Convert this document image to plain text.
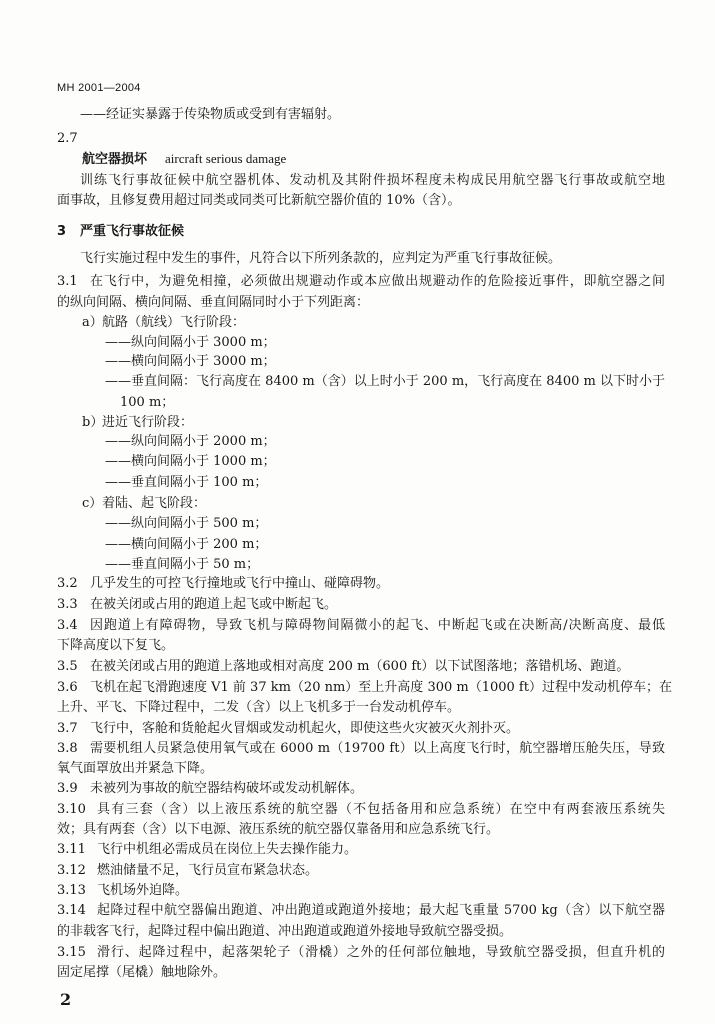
MH 2001—2004
——经证实暴露于传染物质或受到有害辐射。
2.7
航空器损坏 aircraft serious damage
训练飞行事故征候中航空器机体、发动机及其附件损坏程度未构成民用航空器飞行事故或航空地
面事故，且修复费用超过同类或同类可比新航空器价值的 10%（含）。
3	严重飞行事故征候
飞行实施过程中发生的事件，凡符合以下所列条款的，应判定为严重飞行事故征候。
3.1 在飞行中，为避免相撞，必须做出规避动作或本应做出规避动作的危险接近事件，即航空器之间
的纵向间隔、横向间隔、垂直间隔同时小于下列距离：
a）航路（航线）飞行阶段：
——纵向间隔小于 3000 m；
——横向间隔小于 3000 m；
——垂直间隔：飞行高度在 8400 m（含）以上时小于 200 m，飞行高度在 8400 m 以下时小于
100 m；
b）进近飞行阶段：
——纵向间隔小于 2000 m；
——横向间隔小于 1000 m；
——垂直间隔小于 100 m；
c）着陆、起飞阶段：
——纵向间隔小于 500 m；
——横向间隔小于 200 m；
——垂直间隔小于 50 m；
3.2 几乎发生的可控飞行撞地或飞行中撞山、碰障碍物。
3.3 在被关闭或占用的跑道上起飞或中断起飞。
3.4 因跑道上有障碍物，导致飞机与障碍物间隔微小的起飞、中断起飞或在决断高/决断高度、最低
下降高度以下复飞。
3.5 在被关闭或占用的跑道上落地或相对高度 200 m（600 ft）以下试图落地；落错机场、跑道。
3.6 飞机在起飞滑跑速度 V1 前 37 km（20 nm）至上升高度 300 m（1000 ft）过程中发动机停车；在
上升、平飞、下降过程中，二发（含）以上飞机多于一台发动机停车。
3.7 飞行中，客舱和货舱起火冒烟或发动机起火，即使这些火灾被灭火剂扑灭。
3.8 需要机组人员紧急使用氧气或在 6000 m（19700 ft）以上高度飞行时，航空器增压舱失压，导致
氧气面罩放出并紧急下降。
3.9 未被列为事故的航空器结构破坏或发动机解体。
3.10 具有三套（含）以上液压系统的航空器（不包括备用和应急系统）在空中有两套液压系统失
效；具有两套（含）以下电源、液压系统的航空器仅靠备用和应急系统飞行。
3.11 飞行中机组必需成员在岗位上失去操作能力。
3.12 燃油储量不足，飞行员宣布紧急状态。
3.13 飞机场外迫降。
3.14 起降过程中航空器偏出跑道、冲出跑道或跑道外接地；最大起飞重量 5700 kg（含）以下航空器
的非载客飞行，起降过程中偏出跑道、冲出跑道或跑道外接地导致航空器受损。
3.15 滑行、起降过程中，起落架轮子（滑橇）之外的任何部位触地，导致航空器受损，但直升机的
固定尾撑（尾橇）触地除外。
2
